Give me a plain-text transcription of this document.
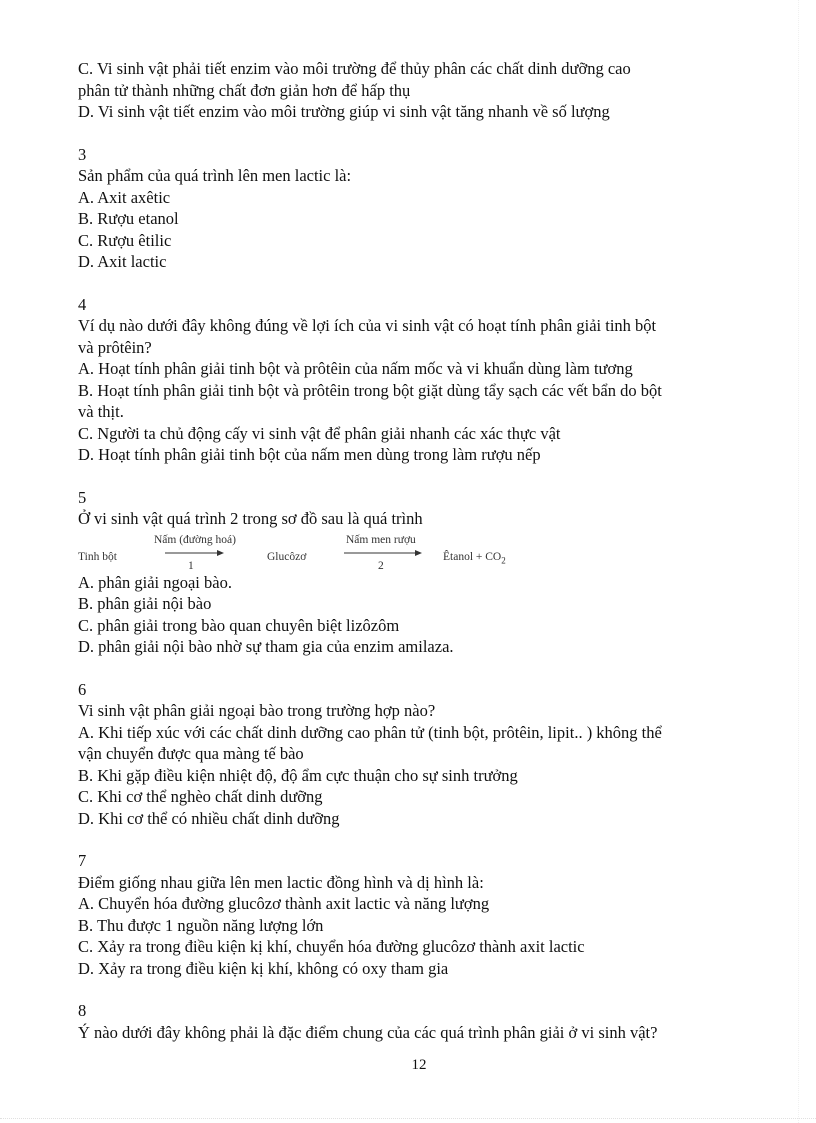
C. Vi sinh vật phải tiết enzim vào môi trường để thủy phân các chất dinh dưỡng cao
phân tử thành những chất đơn giản hơn để hấp thụ
D. Vi sinh vật tiết enzim vào môi trường giúp vi sinh vật tăng nhanh về số lượng
3
Sản phẩm của quá trình lên men lactic là:
A. Axit axêtic
B. Rượu etanol
C. Rượu êtilic
D. Axit lactic
4
Ví dụ nào dưới đây không đúng về lợi ích của vi sinh vật có hoạt tính phân giải tinh bột
và prôtêin?
A. Hoạt tính phân giải tinh bột và prôtêin của nấm mốc và vi khuẩn dùng làm tương
B. Hoạt tính phân giải tinh bột và prôtêin trong bột giặt dùng tẩy sạch các vết bẩn do bột
và thịt.
C. Người ta chủ động cấy vi sinh vật để phân giải nhanh các xác thực vật
D. Hoạt tính phân giải tinh bột của nấm men dùng trong làm rượu nếp
5
Ở vi sinh vật quá trình 2 trong sơ đồ sau là quá trình
Tinh bột
Nấm (đường hoá)
1
Glucôzơ
Nấm men rượu
2
Êtanol + $CO_2$
A. phân giải ngoại bào.
B. phân giải nội bào
C. phân giải trong bào quan chuyên biệt lizôzôm
D. phân giải nội bào nhờ sự tham gia của enzim amilaza.
6
Vi sinh vật phân giải ngoại bào trong trường hợp nào?
A. Khi tiếp xúc với các chất dinh dưỡng cao phân tử (tinh bột, prôtêin, lipit.. ) không thể
vận chuyển được qua màng tế bào
B. Khi gặp điều kiện nhiệt độ, độ ẩm cực thuận cho sự sinh trưởng
C. Khi cơ thể nghèo chất dinh dưỡng
D. Khi cơ thể có nhiều chất dinh dưỡng
7
Điểm giống nhau giữa lên men lactic đồng hình và dị hình là:
A. Chuyển hóa đường glucôzơ thành axit lactic và năng lượng
B. Thu được 1 nguồn năng lượng lớn
C. Xảy ra trong điều kiện kị khí, chuyển hóa đường glucôzơ thành axit lactic
D. Xảy ra trong điều kiện kị khí, không có oxy tham gia
8
Ý nào dưới đây không phải là đặc điểm chung của các quá trình phân giải ở vi sinh vật?
12
